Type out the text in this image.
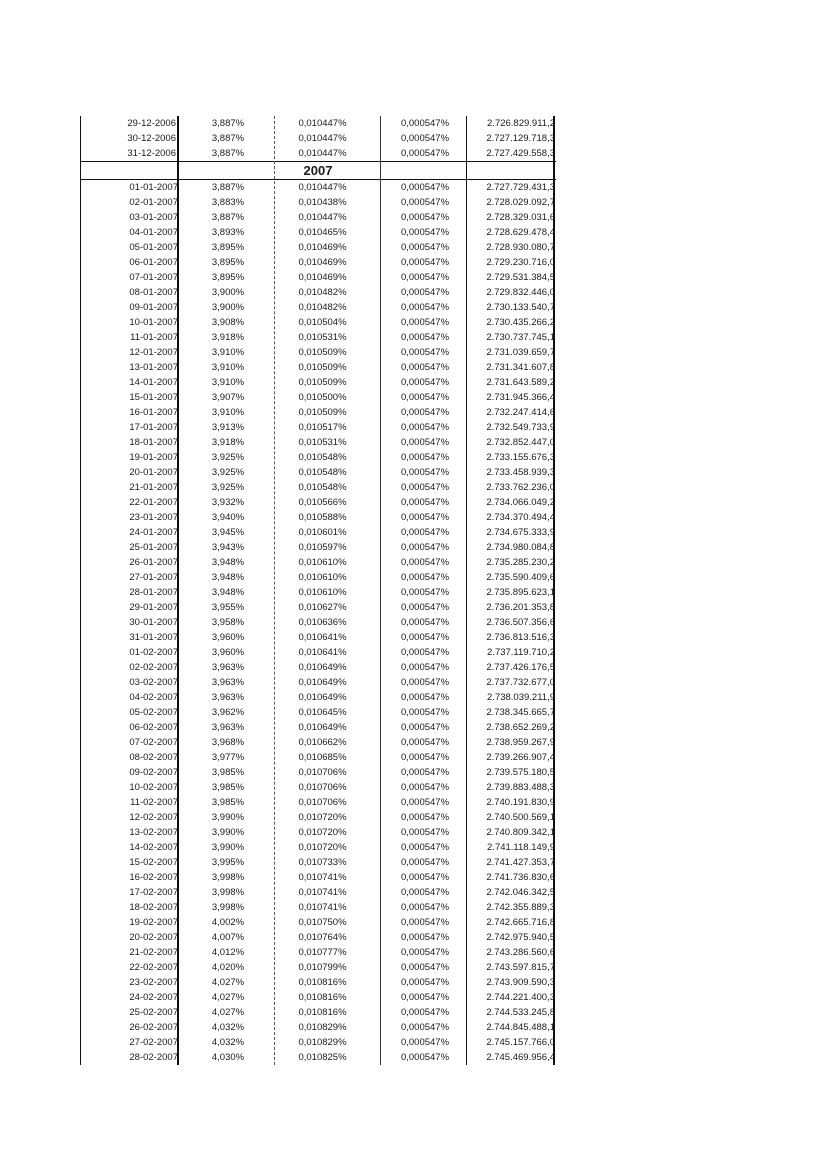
29-12-2006	3,887%	0,010447%	0,000547%	2.726.829.911,2
30-12-2006	3,887%	0,010447%	0,000547%	2.727.129.718,3
31-12-2006	3,887%	0,010447%	0,000547%	2.727.429.558,3
2007
01-01-2007	3,887%	0,010447%	0,000547%	2.727.729.431,3
02-01-2007	3,883%	0,010438%	0,000547%	2.728.029.092,7
03-01-2007	3,887%	0,010447%	0,000547%	2.728.329.031,6
04-01-2007	3,893%	0,010465%	0,000547%	2.728.629.478,4
05-01-2007	3,895%	0,010469%	0,000547%	2.728.930.080,7
06-01-2007	3,895%	0,010469%	0,000547%	2.729.230.716,0
07-01-2007	3,895%	0,010469%	0,000547%	2.729.531.384,5
08-01-2007	3,900%	0,010482%	0,000547%	2.729.832.446,0
09-01-2007	3,900%	0,010482%	0,000547%	2.730.133.540,7
10-01-2007	3,908%	0,010504%	0,000547%	2.730.435.266,2
11-01-2007	3,918%	0,010531%	0,000547%	2.730.737.745,1
12-01-2007	3,910%	0,010509%	0,000547%	2.731.039.659,7
13-01-2007	3,910%	0,010509%	0,000547%	2.731.341.607,8
14-01-2007	3,910%	0,010509%	0,000547%	2.731.643.589,2
15-01-2007	3,907%	0,010500%	0,000547%	2.731.945.366,4
16-01-2007	3,910%	0,010509%	0,000547%	2.732.247.414,6
17-01-2007	3,913%	0,010517%	0,000547%	2.732.549.733,9
18-01-2007	3,918%	0,010531%	0,000547%	2.732.852.447,0
19-01-2007	3,925%	0,010548%	0,000547%	2.733.155.676,3
20-01-2007	3,925%	0,010548%	0,000547%	2.733.458.939,3
21-01-2007	3,925%	0,010548%	0,000547%	2.733.762.236,0
22-01-2007	3,932%	0,010566%	0,000547%	2.734.066.049,2
23-01-2007	3,940%	0,010588%	0,000547%	2.734.370.494,4
24-01-2007	3,945%	0,010601%	0,000547%	2.734.675.333,9
25-01-2007	3,943%	0,010597%	0,000547%	2.734.980.084,8
26-01-2007	3,948%	0,010610%	0,000547%	2.735.285.230,2
27-01-2007	3,948%	0,010610%	0,000547%	2.735.590.409,6
28-01-2007	3,948%	0,010610%	0,000547%	2.735.895.623,1
29-01-2007	3,955%	0,010627%	0,000547%	2.736.201.353,8
30-01-2007	3,958%	0,010636%	0,000547%	2.736.507.356,6
31-01-2007	3,960%	0,010641%	0,000547%	2.736.813.516,3
01-02-2007	3,960%	0,010641%	0,000547%	2.737.119.710,2
02-02-2007	3,963%	0,010649%	0,000547%	2.737.426.176,5
03-02-2007	3,963%	0,010649%	0,000547%	2.737.732.677,0
04-02-2007	3,963%	0,010649%	0,000547%	2.738.039.211,9
05-02-2007	3,962%	0,010645%	0,000547%	2.738.345.665,7
06-02-2007	3,963%	0,010649%	0,000547%	2.738.652.269,2
07-02-2007	3,968%	0,010662%	0,000547%	2.738.959.267,9
08-02-2007	3,977%	0,010685%	0,000547%	2.739.266.907,4
09-02-2007	3,985%	0,010706%	0,000547%	2.739.575.180,5
10-02-2007	3,985%	0,010706%	0,000547%	2.739.883.488,3
11-02-2007	3,985%	0,010706%	0,000547%	2.740.191.830,9
12-02-2007	3,990%	0,010720%	0,000547%	2.740.500.569,1
13-02-2007	3,990%	0,010720%	0,000547%	2.740.809.342,1
14-02-2007	3,990%	0,010720%	0,000547%	2.741.118.149,9
15-02-2007	3,995%	0,010733%	0,000547%	2.741.427.353,7
16-02-2007	3,998%	0,010741%	0,000547%	2.741.736.830,6
17-02-2007	3,998%	0,010741%	0,000547%	2.742.046.342,5
18-02-2007	3,998%	0,010741%	0,000547%	2.742.355.889,3
19-02-2007	4,002%	0,010750%	0,000547%	2.742.665.716,8
20-02-2007	4,007%	0,010764%	0,000547%	2.742.975.940,5
21-02-2007	4,012%	0,010777%	0,000547%	2.743.286.560,6
22-02-2007	4,020%	0,010799%	0,000547%	2.743.597.815,7
23-02-2007	4,027%	0,010816%	0,000547%	2.743.909.590,3
24-02-2007	4,027%	0,010816%	0,000547%	2.744.221.400,3
25-02-2007	4,027%	0,010816%	0,000547%	2.744.533.245,8
26-02-2007	4,032%	0,010829%	0,000547%	2.744.845.488,1
27-02-2007	4,032%	0,010829%	0,000547%	2.745.157.766,0
28-02-2007	4,030%	0,010825%	0,000547%	2.745.469.956,4
